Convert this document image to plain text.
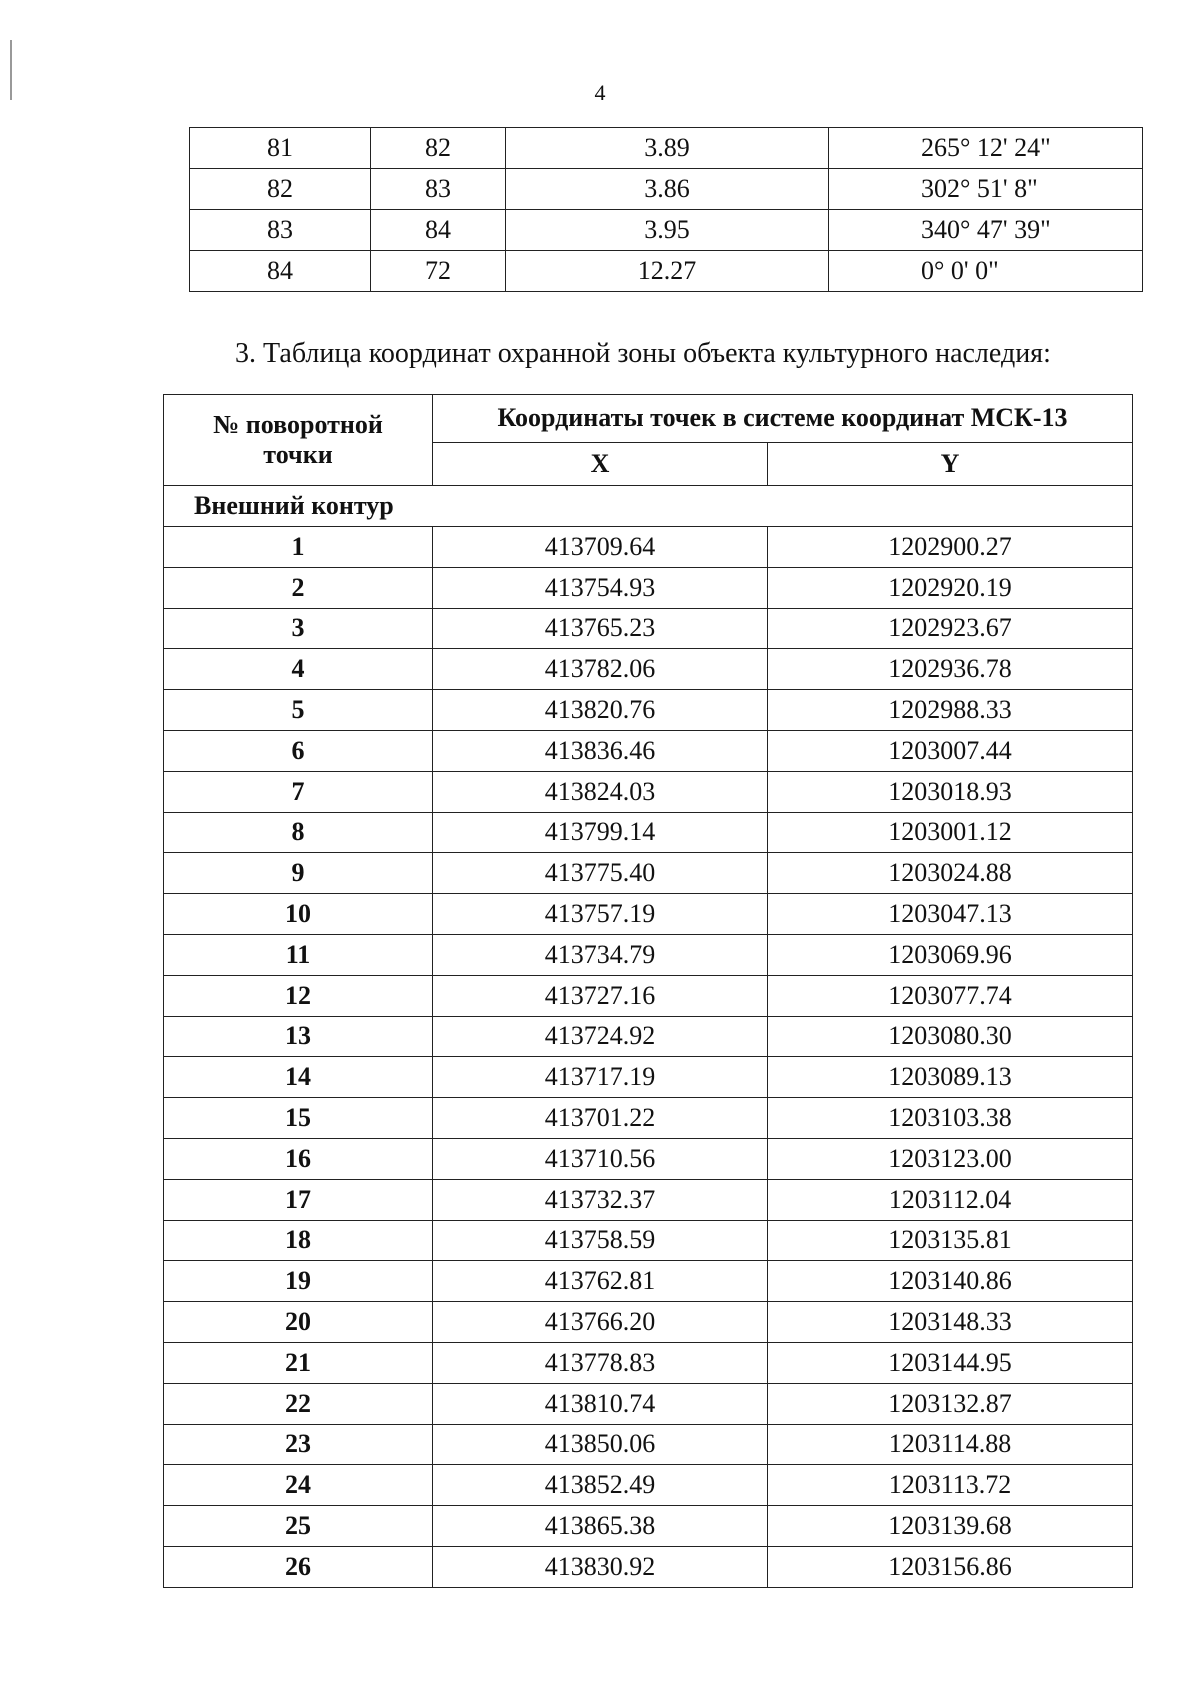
4
81	82	3.89	265° 12' 24"
82	83	3.86	302° 51' 8"
83	84	3.95	340° 47' 39"
84	72	12.27	0° 0' 0"
3. Таблица координат охранной зоны объекта культурного наследия:
№ поворотной
точки	Координаты точек в системе координат МСК-13	
	X	Y
Внешний контур		
1	413709.64	1202900.27
2	413754.93	1202920.19
3	413765.23	1202923.67
4	413782.06	1202936.78
5	413820.76	1202988.33
6	413836.46	1203007.44
7	413824.03	1203018.93
8	413799.14	1203001.12
9	413775.40	1203024.88
10	413757.19	1203047.13
11	413734.79	1203069.96
12	413727.16	1203077.74
13	413724.92	1203080.30
14	413717.19	1203089.13
15	413701.22	1203103.38
16	413710.56	1203123.00
17	413732.37	1203112.04
18	413758.59	1203135.81
19	413762.81	1203140.86
20	413766.20	1203148.33
21	413778.83	1203144.95
22	413810.74	1203132.87
23	413850.06	1203114.88
24	413852.49	1203113.72
25	413865.38	1203139.68
26	413830.92	1203156.86
